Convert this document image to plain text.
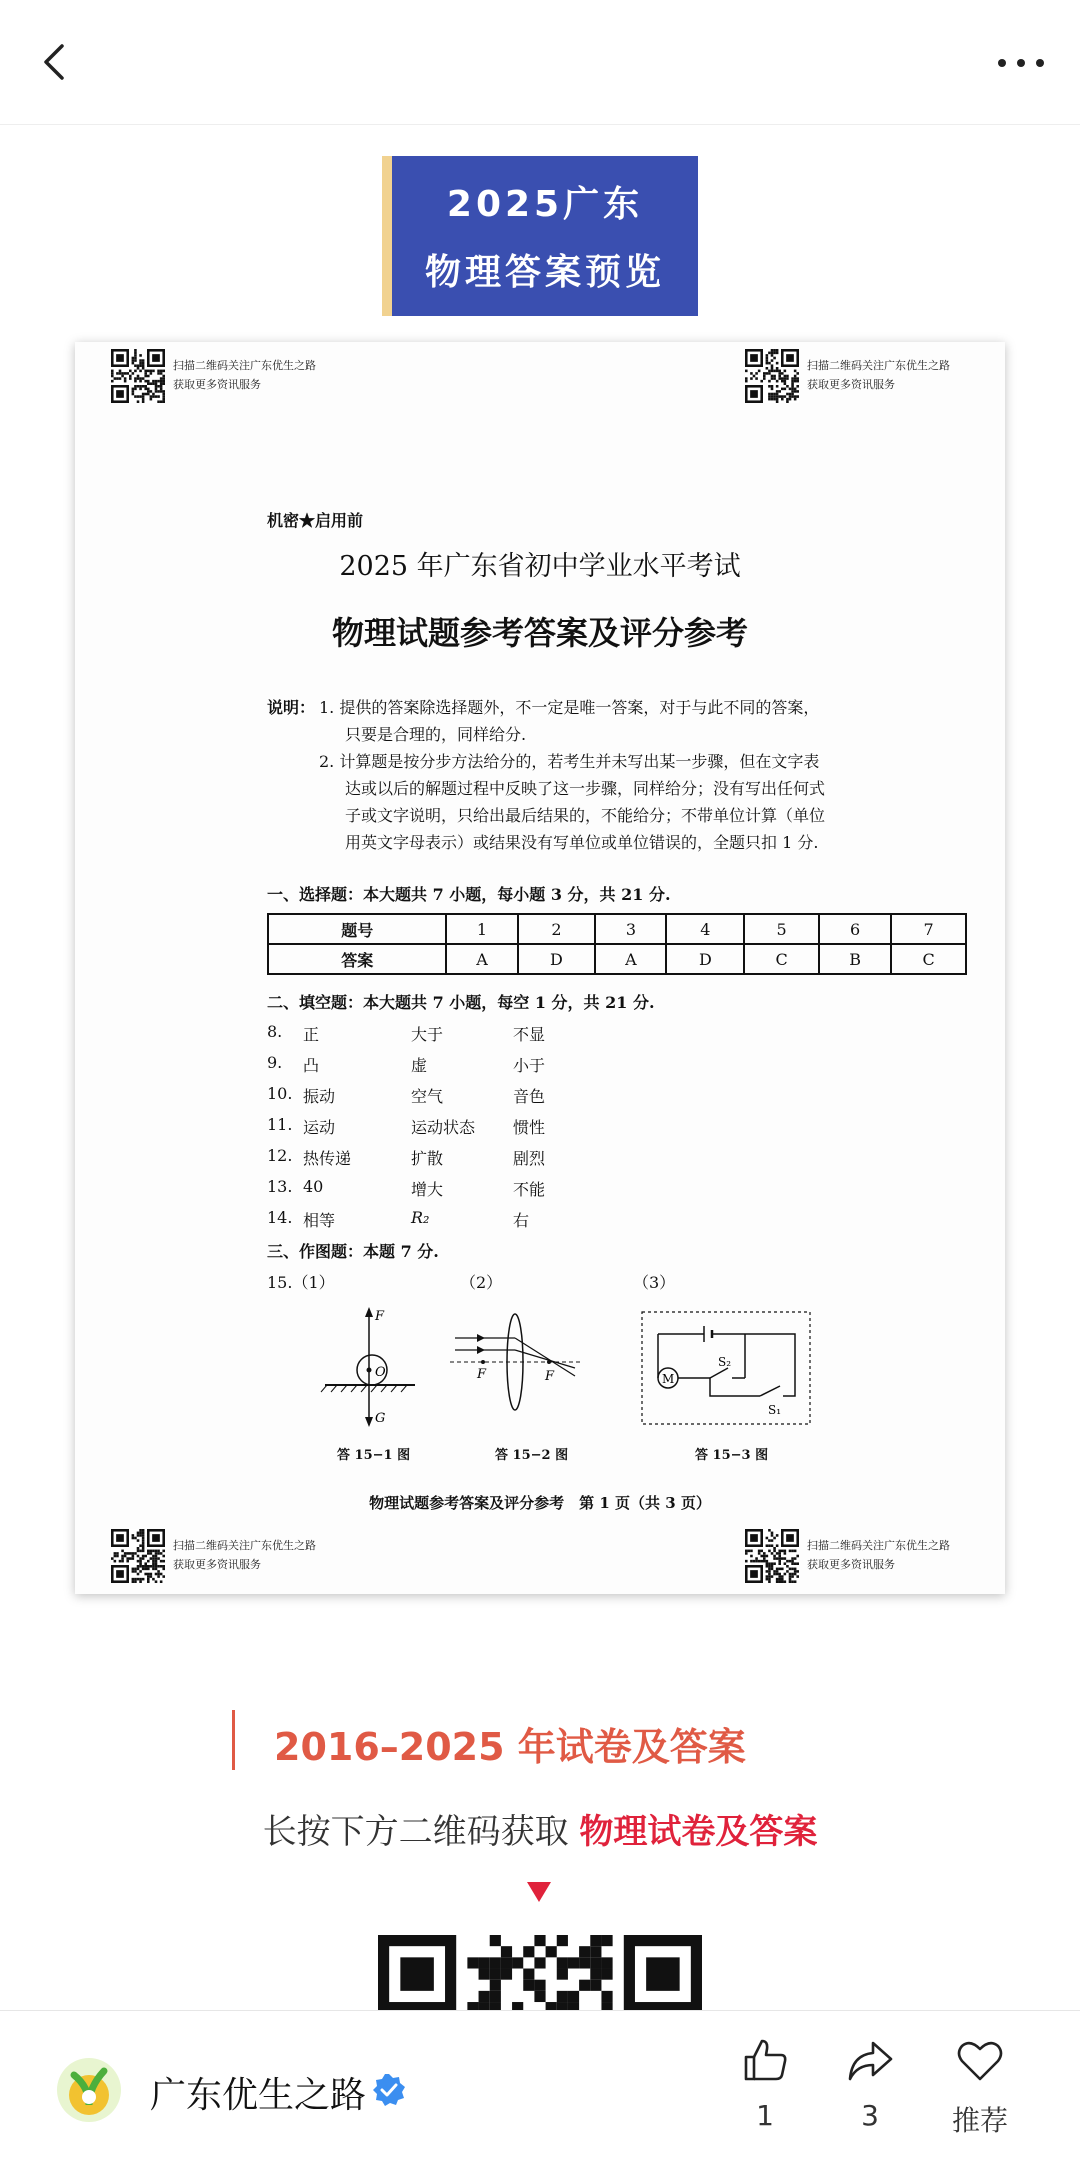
2025广东
物理答案预览
扫描二维码关注广东优生之路
获取更多资讯服务
扫描二维码关注广东优生之路
获取更多资讯服务
扫描二维码关注广东优生之路
获取更多资讯服务
扫描二维码关注广东优生之路
获取更多资讯服务
机密★启用前
2025 年广东省初中学业水平考试
物理试题参考答案及评分参考
说明： 1. 提供的答案除选择题外，不一定是唯一答案，对于与此不同的答案，
只要是合理的，同样给分.
2. 计算题是按分步方法给分的，若考生并未写出某一步骤，但在文字表
达或以后的解题过程中反映了这一步骤，同样给分；没有写出任何式
子或文字说明，只给出最后结果的，不能给分；不带单位计算（单位
用英文字母表示）或结果没有写单位或单位错误的，全题只扣 1 分.
一、选择题：本大题共 7 小题，每小题 3 分，共 21 分.
题号	1	2	3	4	5	6	7
答案	A	D	A	D	C	B	C
二、填空题：本大题共 7 小题，每空 1 分，共 21 分.
8. 正	大于	不显
9. 凸	虚	小于
10. 振动	空气	音色
11. 运动	运动状态 惯性
12. 热传递	扩散	剧烈
13. 40	增大	不能
14. 相等	R₂	右
三、作图题：本题 7 分.
15.（1）	（2）	（3）
F
O
G
F	F	M
S₂
S₁
答 15−1 图	答 15−2 图	答 15−3 图
物理试题参考答案及评分参考　第 1 页（共 3 页）
2016–2025 年试卷及答案
长按下方二维码获取 物理试卷及答案
广东优生之路	1	3	推荐
